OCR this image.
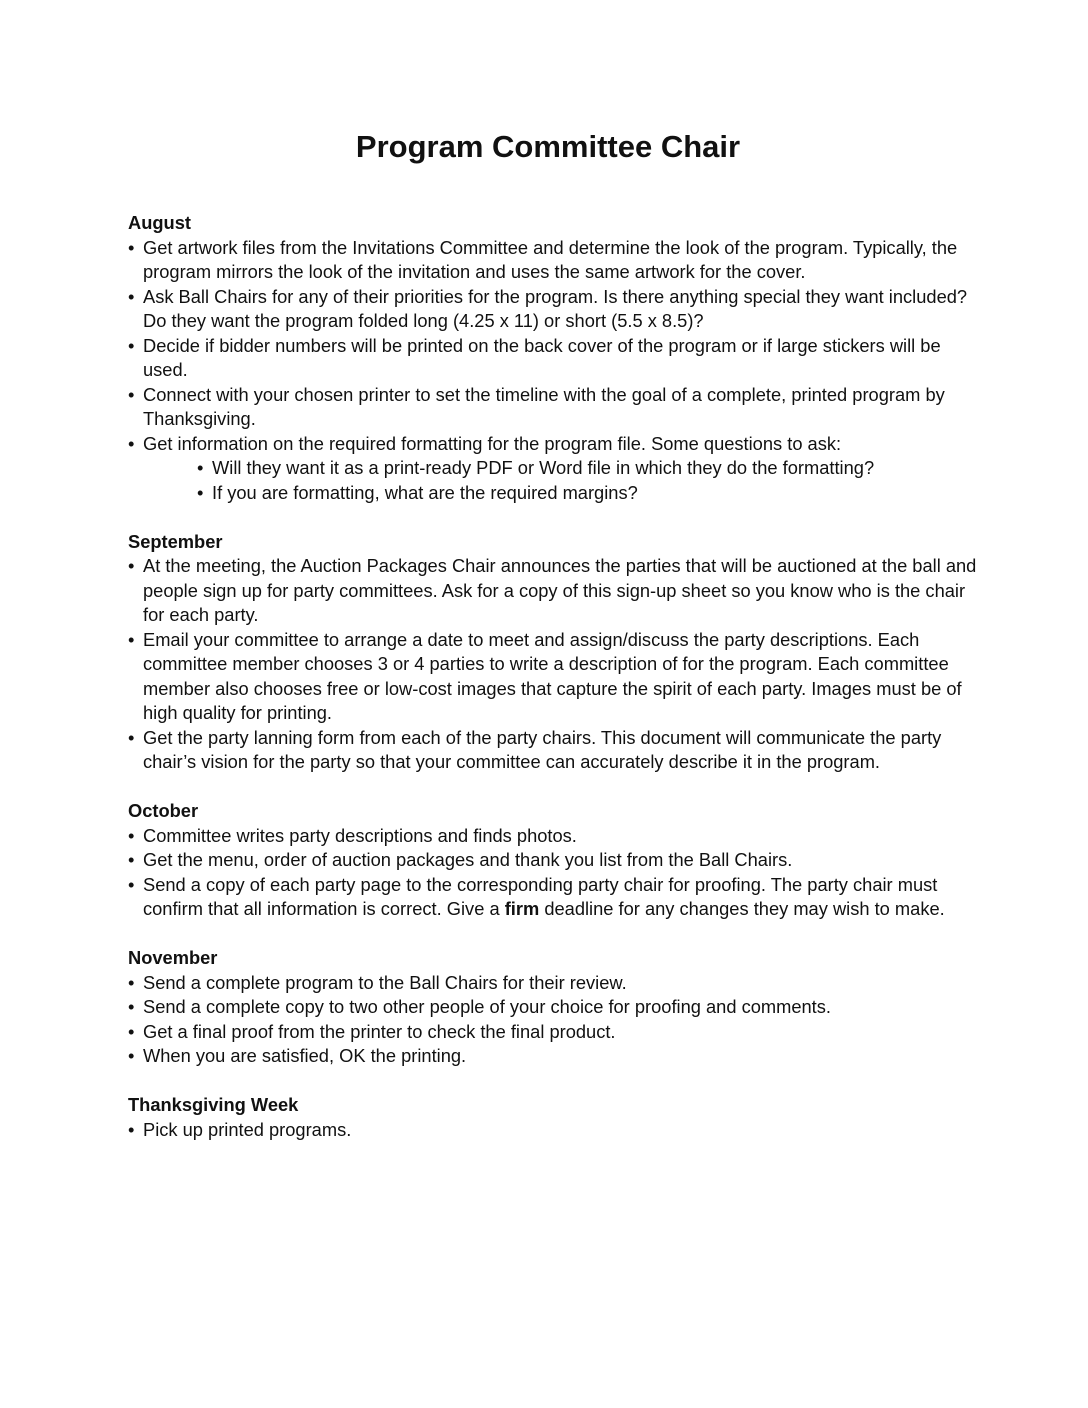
Program Committee Chair
August
• Get artwork files from the Invitations Committee and determine the look of the program. Typically, the program mirrors the look of the invitation and uses the same artwork for the cover.
• Ask Ball Chairs for any of their priorities for the program. Is there anything special they want included? Do they want the program folded long (4.25 x 11) or short (5.5 x 8.5)?
• Decide if bidder numbers will be printed on the back cover of the program or if large stickers will be used.
• Connect with your chosen printer to set the timeline with the goal of a complete, printed program by Thanksgiving.
• Get information on the required formatting for the program file. Some questions to ask:
• Will they want it as a print-ready PDF or Word file in which they do the formatting?
• If you are formatting, what are the required margins?
September
• At the meeting, the Auction Packages Chair announces the parties that will be auctioned at the ball and people sign up for party committees. Ask for a copy of this sign-up sheet so you know who is the chair for each party.
• Email your committee to arrange a date to meet and assign/discuss the party descriptions. Each committee member chooses 3 or 4 parties to write a description of for the program. Each committee member also chooses free or low-cost images that capture the spirit of each party. Images must be of high quality for printing.
• Get the party lanning form from each of the party chairs. This document will communicate the party chair’s vision for the party so that your committee can accurately describe it in the program.
October
• Committee writes party descriptions and finds photos.
• Get the menu, order of auction packages and thank you list from the Ball Chairs.
• Send a copy of each party page to the corresponding party chair for proofing. The party chair must confirm that all information is correct. Give a firm deadline for any changes they may wish to make.
November
• Send a complete program to the Ball Chairs for their review.
• Send a complete copy to two other people of your choice for proofing and comments.
• Get a final proof from the printer to check the final product.
• When you are satisfied, OK the printing.
Thanksgiving Week
• Pick up printed programs.
